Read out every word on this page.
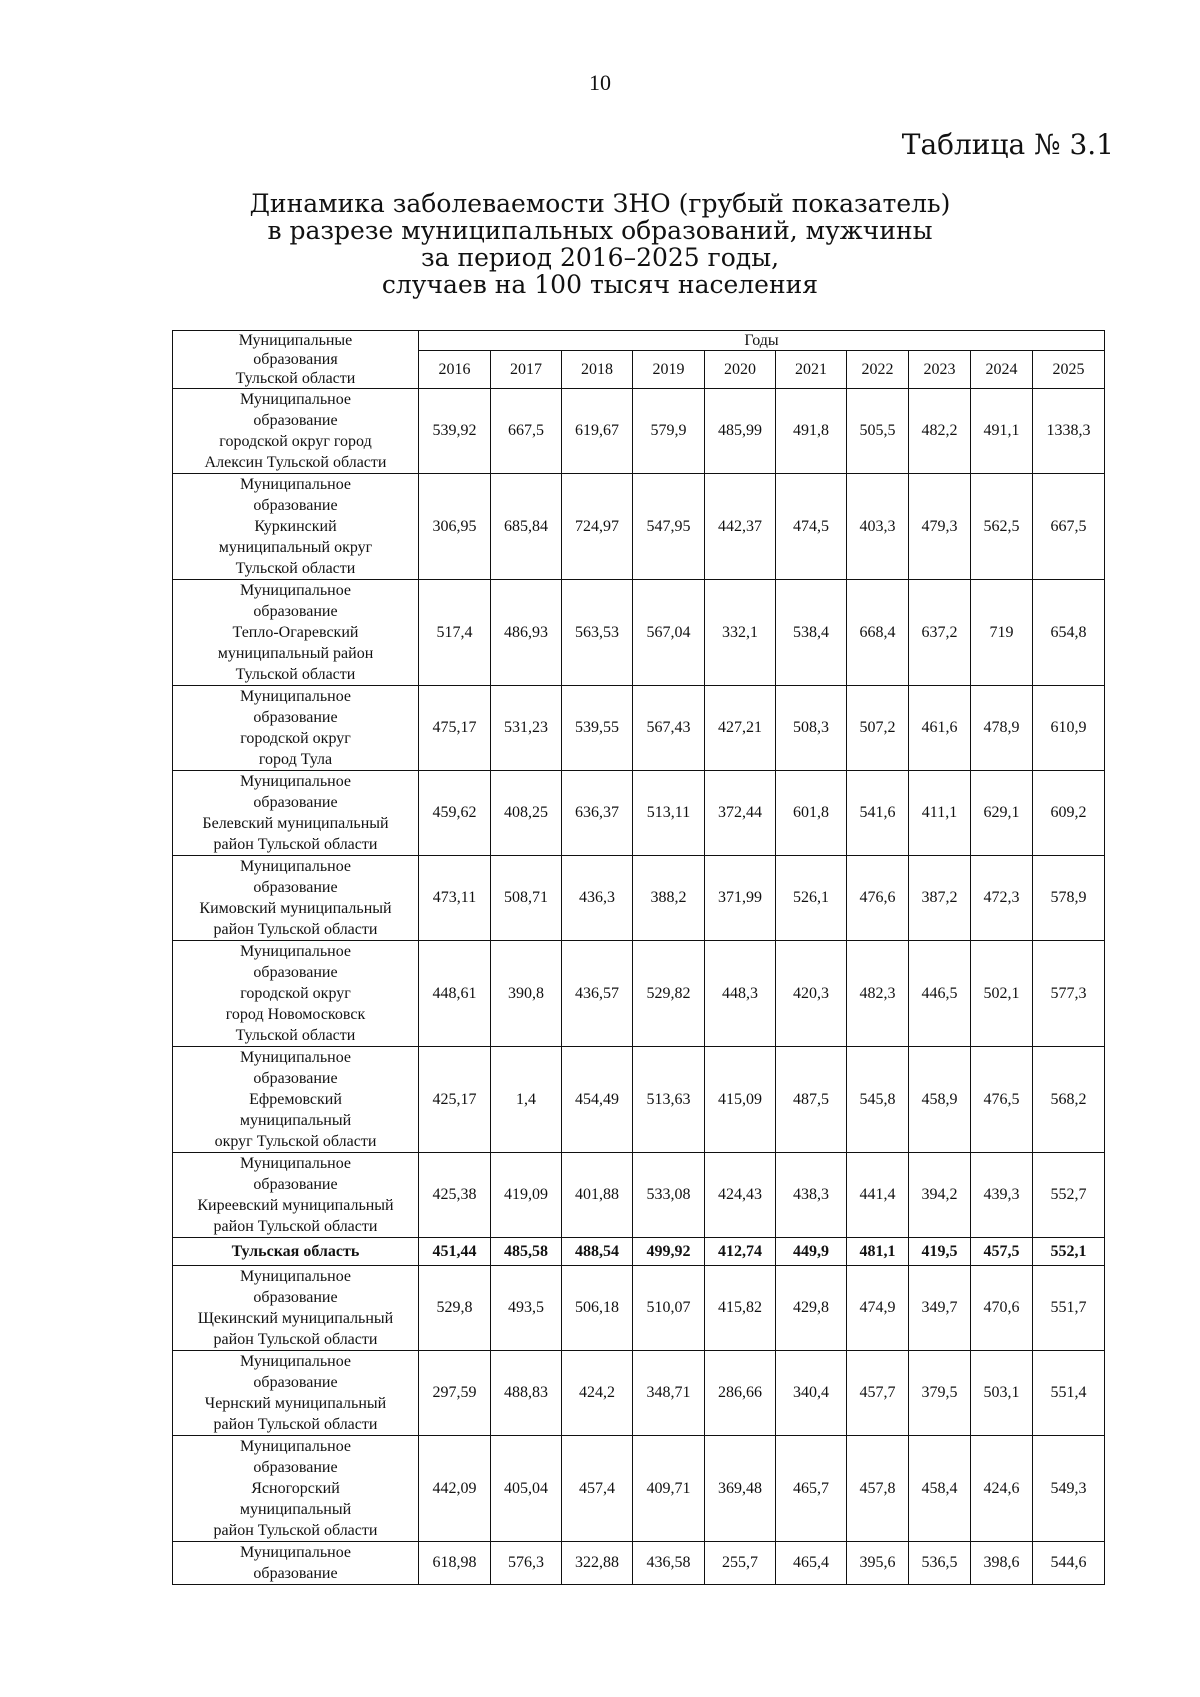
10
Таблица № 3.1
Динамика заболеваемости ЗНО (грубый показатель)
в разрезе муниципальных образований, мужчины
за период 2016–2025 годы,
случаев на 100 тысяч населения
Муниципальные
образования
Тульской области	Годы									
	2016	2017	2018	2019	2020	2021	2022	2023	2024	2025

Муниципальное
образование
городской округ город
Алексин Тульской области	539,92	667,5	619,67	579,9	485,99	491,8	505,5	482,2	491,1	1338,3

Муниципальное
образование
Куркинский
муниципальный округ
Тульской области	306,95	685,84	724,97	547,95	442,37	474,5	403,3	479,3	562,5	667,5

Муниципальное
образование
Тепло-Огаревский
муниципальный район
Тульской области	517,4	486,93	563,53	567,04	332,1	538,4	668,4	637,2	719	654,8

Муниципальное
образование
городской округ
город Тула	475,17	531,23	539,55	567,43	427,21	508,3	507,2	461,6	478,9	610,9

Муниципальное
образование
Белевский муниципальный
район Тульской области	459,62	408,25	636,37	513,11	372,44	601,8	541,6	411,1	629,1	609,2

Муниципальное
образование
Кимовский муниципальный
район Тульской области	473,11	508,71	436,3	388,2	371,99	526,1	476,6	387,2	472,3	578,9

Муниципальное
образование
городской округ
город Новомосковск
Тульской области	448,61	390,8	436,57	529,82	448,3	420,3	482,3	446,5	502,1	577,3

Муниципальное
образование
Ефремовский
муниципальный
округ Тульской области	425,17	1,4	454,49	513,63	415,09	487,5	545,8	458,9	476,5	568,2

Муниципальное
образование
Киреевский муниципальный
район Тульской области	425,38	419,09	401,88	533,08	424,43	438,3	441,4	394,2	439,3	552,7

Тульская область	451,44	485,58	488,54	499,92	412,74	449,9	481,1	419,5	457,5	552,1

Муниципальное
образование
Щекинский муниципальный
район Тульской области	529,8	493,5	506,18	510,07	415,82	429,8	474,9	349,7	470,6	551,7

Муниципальное
образование
Чернский муниципальный
район Тульской области	297,59	488,83	424,2	348,71	286,66	340,4	457,7	379,5	503,1	551,4

Муниципальное
образование
Ясногорский
муниципальный
район Тульской области	442,09	405,04	457,4	409,71	369,48	465,7	457,8	458,4	424,6	549,3

Муниципальное
образование	618,98	576,3	322,88	436,58	255,7	465,4	395,6	536,5	398,6	544,6
